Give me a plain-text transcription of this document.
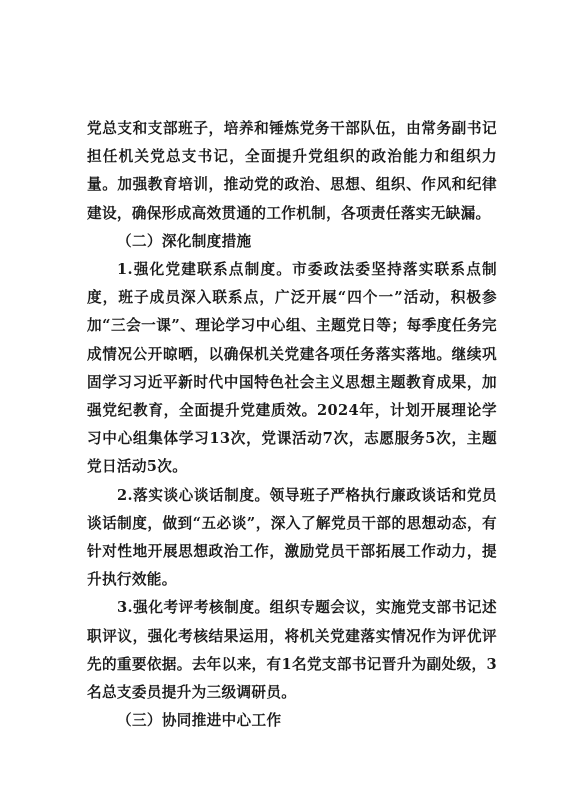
党总支和支部班子，培养和锤炼党务干部队伍，由常务副书记担任机关党总支书记，全面提升党组织的政治能力和组织力量。加强教育培训，推动党的政治、思想、组织、作风和纪律建设，确保形成高效贯通的工作机制，各项责任落实无缺漏。

（二）深化制度措施

1.强化党建联系点制度。市委政法委坚持落实联系点制度，班子成员深入联系点，广泛开展“四个一”活动，积极参加“三会一课”、理论学习中心组、主题党日等；每季度任务完成情况公开晾晒，以确保机关党建各项任务落实落地。继续巩固学习习近平新时代中国特色社会主义思想主题教育成果，加强党纪教育，全面提升党建质效。2024年，计划开展理论学习中心组集体学习13次，党课活动7次，志愿服务5次，主题党日活动5次。

2.落实谈心谈话制度。领导班子严格执行廉政谈话和党员谈话制度，做到“五必谈”，深入了解党员干部的思想动态，有针对性地开展思想政治工作，激励党员干部拓展工作动力，提升执行效能。

3.强化考评考核制度。组织专题会议，实施党支部书记述职评议，强化考核结果运用，将机关党建落实情况作为评优评先的重要依据。去年以来，有1名党支部书记晋升为副处级，3名总支委员提升为三级调研员。

（三）协同推进中心工作
